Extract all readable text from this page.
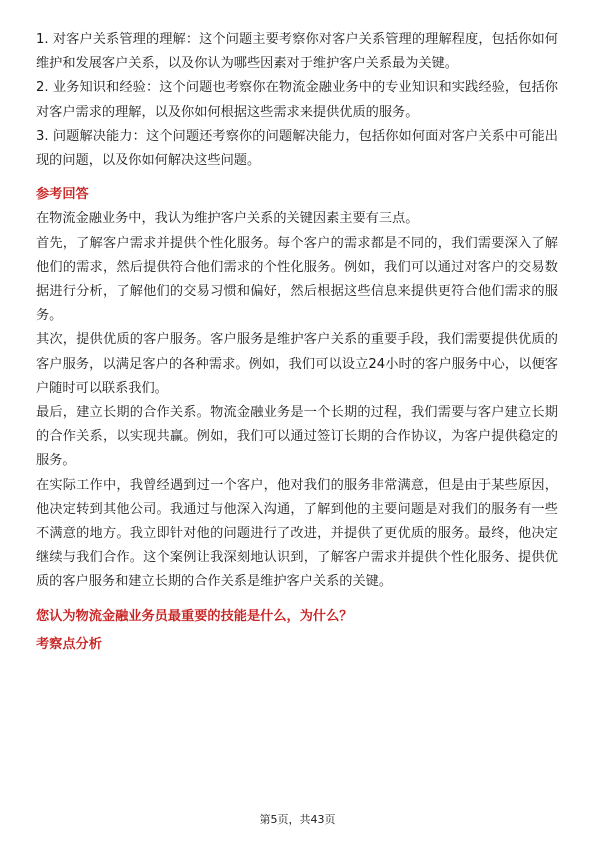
1. 对客户关系管理的理解：这个问题主要考察你对客户关系管理的理解程度，包括你如何维护和发展客户关系，以及你认为哪些因素对于维护客户关系最为关键。

2. 业务知识和经验：这个问题也考察你在物流金融业务中的专业知识和实践经验，包括你对客户需求的理解，以及你如何根据这些需求来提供优质的服务。

3. 问题解决能力：这个问题还考察你的问题解决能力，包括你如何面对客户关系中可能出现的问题，以及你如何解决这些问题。

参考回答

在物流金融业务中，我认为维护客户关系的关键因素主要有三点。

首先，了解客户需求并提供个性化服务。每个客户的需求都是不同的，我们需要深入了解他们的需求，然后提供符合他们需求的个性化服务。例如，我们可以通过对客户的交易数据进行分析，了解他们的交易习惯和偏好，然后根据这些信息来提供更符合他们需求的服务。

其次，提供优质的客户服务。客户服务是维护客户关系的重要手段，我们需要提供优质的客户服务，以满足客户的各种需求。例如，我们可以设立24小时的客户服务中心，以便客户随时可以联系我们。

最后，建立长期的合作关系。物流金融业务是一个长期的过程，我们需要与客户建立长期的合作关系，以实现共赢。例如，我们可以通过签订长期的合作协议，为客户提供稳定的服务。

在实际工作中，我曾经遇到过一个客户，他对我们的服务非常满意，但是由于某些原因，他决定转到其他公司。我通过与他深入沟通，了解到他的主要问题是对我们的服务有一些不满意的地方。我立即针对他的问题进行了改进，并提供了更优质的服务。最终，他决定继续与我们合作。这个案例让我深刻地认识到，了解客户需求并提供个性化服务、提供优质的客户服务和建立长期的合作关系是维护客户关系的关键。

您认为物流金融业务员最重要的技能是什么，为什么？

考察点分析

第5页，共43页
